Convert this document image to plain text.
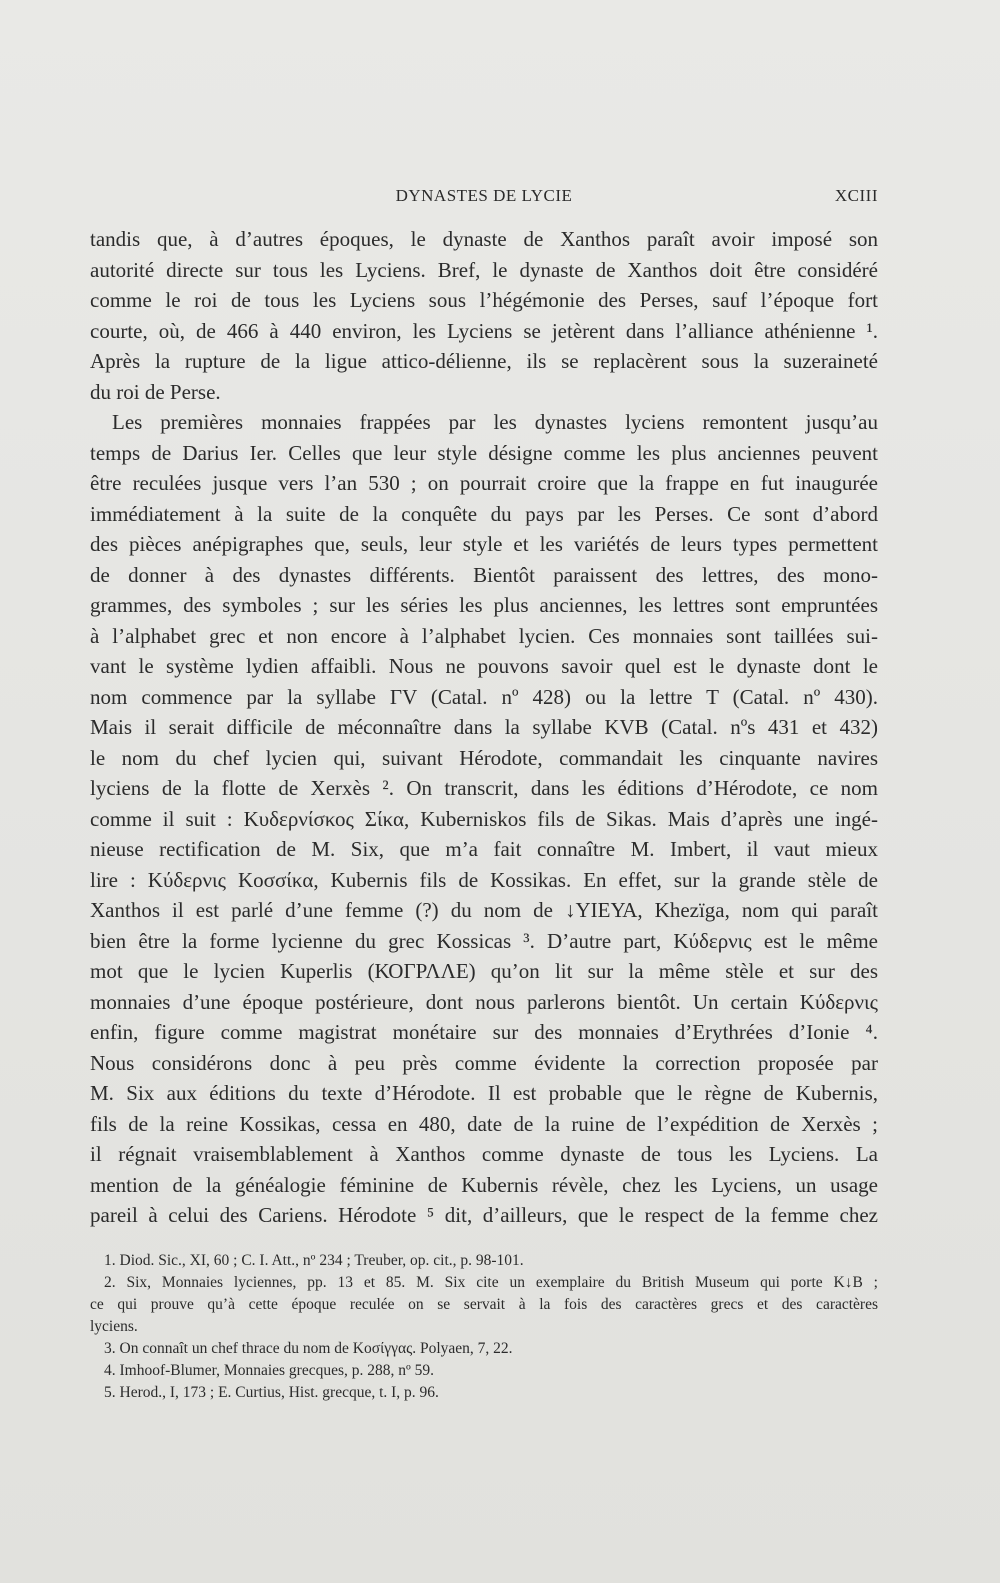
DYNASTES DE LYCIE	XCIII
tandis que, à d’autres époques, le dynaste de Xanthos paraît avoir imposé son
autorité directe sur tous les Lyciens. Bref, le dynaste de Xanthos doit être considéré
comme le roi de tous les Lyciens sous l’hégémonie des Perses, sauf l’époque fort
courte, où, de 466 à 440 environ, les Lyciens se jetèrent dans l’alliance athénienne ¹.
Après la rupture de la ligue attico-délienne, ils se replacèrent sous la suzeraineté
du roi de Perse.
Les premières monnaies frappées par les dynastes lyciens remontent jusqu’au
temps de Darius Ier. Celles que leur style désigne comme les plus anciennes peuvent
être reculées jusque vers l’an 530 ; on pourrait croire que la frappe en fut inaugurée
immédiatement à la suite de la conquête du pays par les Perses. Ce sont d’abord
des pièces anépigraphes que, seuls, leur style et les variétés de leurs types permettent
de donner à des dynastes différents. Bientôt paraissent des lettres, des mono-
grammes, des symboles ; sur les séries les plus anciennes, les lettres sont empruntées
à l’alphabet grec et non encore à l’alphabet lycien. Ces monnaies sont taillées sui-
vant le système lydien affaibli. Nous ne pouvons savoir quel est le dynaste dont le
nom commence par la syllabe ΓV (Catal. nº 428) ou la lettre T (Catal. nº 430).
Mais il serait difficile de méconnaître dans la syllabe KVB (Catal. nºs 431 et 432)
le nom du chef lycien qui, suivant Hérodote, commandait les cinquante navires
lyciens de la flotte de Xerxès ². On transcrit, dans les éditions d’Hérodote, ce nom
comme il suit : Κυδερνίσκος Σίκα, Kuberniskos fils de Sikas. Mais d’après une ingé-
nieuse rectification de M. Six, que m’a fait connaître M. Imbert, il vaut mieux
lire : Κύδερνις Κοσσίκα, Kubernis fils de Kossikas. En effet, sur la grande stèle de
Xanthos il est parlé d’une femme (?) du nom de ↓ΥΙΕΥΑ, Khezïga, nom qui paraît
bien être la forme lycienne du grec Kossicas ³. D’autre part, Κύδερνις est le même
mot que le lycien Kuperlis (ΚΟΓΡΛΛΕ) qu’on lit sur la même stèle et sur des
monnaies d’une époque postérieure, dont nous parlerons bientôt. Un certain Κύδερνις
enfin, figure comme magistrat monétaire sur des monnaies d’Erythrées d’Ionie ⁴.
Nous considérons donc à peu près comme évidente la correction proposée par
M. Six aux éditions du texte d’Hérodote. Il est probable que le règne de Kubernis,
fils de la reine Kossikas, cessa en 480, date de la ruine de l’expédition de Xerxès ;
il régnait vraisemblablement à Xanthos comme dynaste de tous les Lyciens. La
mention de la généalogie féminine de Kubernis révèle, chez les Lyciens, un usage
pareil à celui des Cariens. Hérodote ⁵ dit, d’ailleurs, que le respect de la femme chez
1. Diod. Sic., XI, 60 ; C. I. Att., nº 234 ; Treuber, op. cit., p. 98-101.
2. Six, Monnaies lyciennes, pp. 13 et 85. M. Six cite un exemplaire du British Museum qui porte K↓B ;
ce qui prouve qu’à cette époque reculée on se servait à la fois des caractères grecs et des caractères
lyciens.
3. On connaît un chef thrace du nom de Κοσίγγας. Polyaen, 7, 22.
4. Imhoof-Blumer, Monnaies grecques, p. 288, nº 59.
5. Herod., I, 173 ; E. Curtius, Hist. grecque, t. I, p. 96.
